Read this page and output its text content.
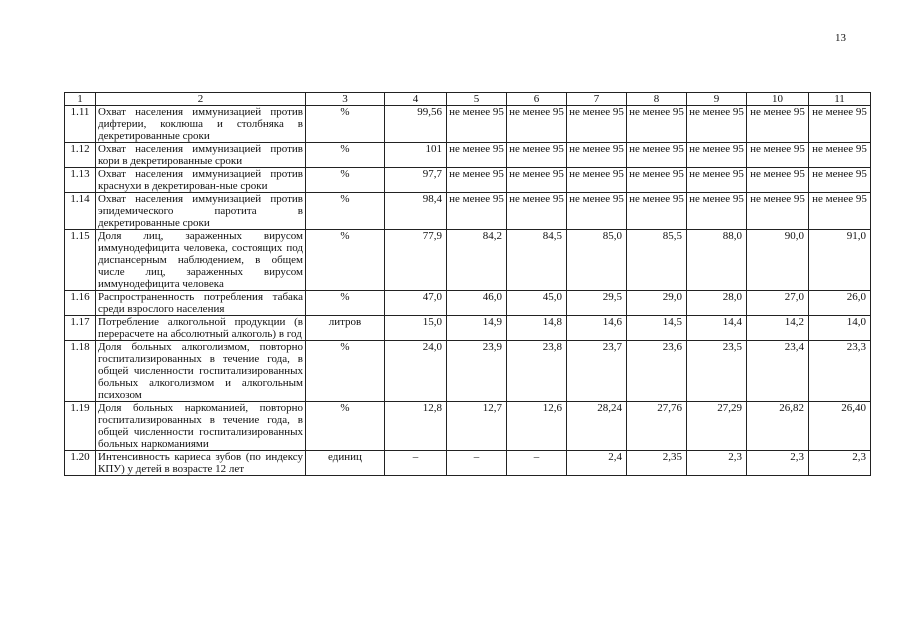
13
1	2	3	4	5	6	7	8	9	10	11
1.11	Охват населения иммунизацией против дифтерии, коклюша и столбняка в декретированные сроки	%	99,56	не менее 95	не менее 95	не менее 95	не менее 95	не менее 95	не менее 95	не менее 95
1.12	Охват населения иммунизацией против кори в декретированные сроки	%	101	не менее 95	не менее 95	не менее 95	не менее 95	не менее 95	не менее 95	не менее 95
1.13	Охват населения иммунизацией против краснухи в декретирован-ные сроки	%	97,7	не менее 95	не менее 95	не менее 95	не менее 95	не менее 95	не менее 95	не менее 95
1.14	Охват населения иммунизацией против эпидемического паротита в декретированные сроки	%	98,4	не менее 95	не менее 95	не менее 95	не менее 95	не менее 95	не менее 95	не менее 95
1.15	Доля лиц, зараженных вирусом иммунодефицита человека, состоящих под диспансерным наблюдением, в общем числе лиц, зараженных вирусом иммунодефицита человека	%	77,9	84,2	84,5	85,0	85,5	88,0	90,0	91,0
1.16	Распространенность потребления табака среди взрослого населения	%	47,0	46,0	45,0	29,5	29,0	28,0	27,0	26,0
1.17	Потребление алкогольной продукции (в перерасчете на абсолютный алкоголь) в год	литров	15,0	14,9	14,8	14,6	14,5	14,4	14,2	14,0
1.18	Доля больных алкоголизмом, повторно госпитализированных в течение года, в общей численности госпитализированных больных алкоголизмом и алкогольным психозом	%	24,0	23,9	23,8	23,7	23,6	23,5	23,4	23,3
1.19	Доля больных наркоманией, повторно госпитализированных в течение года, в общей численности госпитализированных больных наркоманиями	%	12,8	12,7	12,6	28,24	27,76	27,29	26,82	26,40
1.20	Интенсивность кариеса зубов (по индексу КПУ) у детей в возрасте 12 лет	единиц	–	–	–	2,4	2,35	2,3	2,3	2,3
